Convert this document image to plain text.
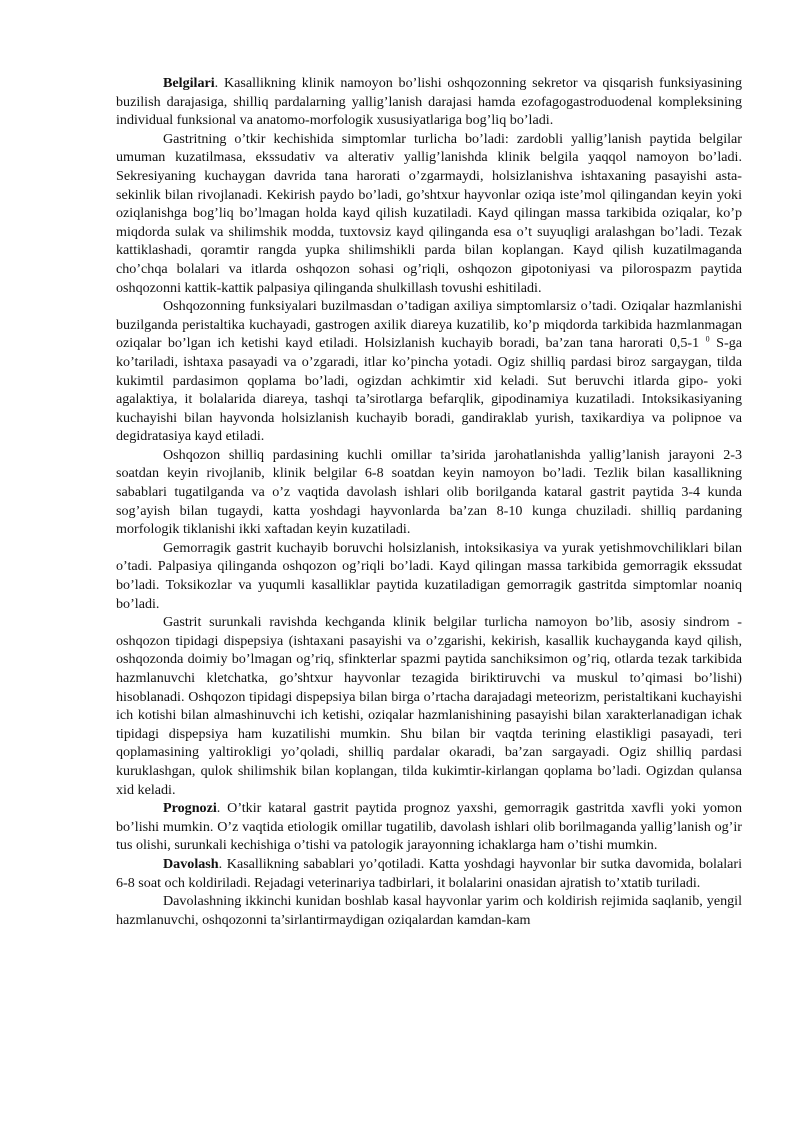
Belgilari. Kasallikning klinik namoyon bo’lishi oshqozonning sekretor va qisqarish funksiyasining buzilish darajasiga, shilliq pardalarning yallig’lanish darajasi hamda ezofagogastroduodenal kompleksining individual funksional va anatomo-morfologik xususiyatlariga bog’liq bo’ladi.

Gastritning o’tkir kechishida simptomlar turlicha bo’ladi: zardobli yallig’lanish paytida belgilar umuman kuzatilmasa, ekssudativ va alterativ yallig’lanishda klinik belgila yaqqol namoyon bo’ladi. Sekresiyaning kuchaygan davrida tana harorati o’zgarmaydi, holsizlanishva ishtaxaning pasayishi asta-sekinlik bilan rivojlanadi. Kekirish paydo bo’ladi, go’shtxur hayvonlar oziqa iste’mol qilingandan keyin yoki oziqlanishga bog’liq bo’lmagan holda kayd qilish kuzatiladi. Kayd qilingan massa tarkibida oziqalar, ko’p miqdorda sulak va shilimshik modda, tuxtovsiz kayd qilinganda esa o’t suyuqligi aralashgan bo’ladi. Tezak kattiklashadi, qoramtir rangda yupka shilimshikli parda bilan koplangan. Kayd qilish kuzatilmaganda cho’chqa bolalari va itlarda oshqozon sohasi og’riqli, oshqozon gipotoniyasi va pilorospazm paytida oshqozonni kattik-kattik palpasiya qilinganda shulkillash tovushi eshitiladi.

Oshqozonning funksiyalari buzilmasdan o’tadigan axiliya simptomlarsiz o’tadi. Oziqalar hazmlanishi buzilganda peristaltika kuchayadi, gastrogen axilik diareya kuzatilib, ko’p miqdorda tarkibida hazmlanmagan oziqalar bo’lgan ich ketishi kayd etiladi. Holsizlanish kuchayib boradi, ba’zan tana harorati 0,5-1 $^0$ S-ga ko’tariladi, ishtaxa pasayadi va o’zgaradi, itlar ko’pincha yotadi. Ogiz shilliq pardasi biroz sargaygan, tilda kukimtil pardasimon qoplama bo’ladi, ogizdan achkimtir xid keladi. Sut beruvchi itlarda gipo- yoki agalaktiya, it bolalarida diareya, tashqi ta’sirotlarga befarqlik, gipodinamiya kuzatiladi. Intoksikasiyaning kuchayishi bilan hayvonda holsizlanish kuchayib boradi, gandiraklab yurish, taxikardiya va polipnoe va degidratasiya kayd etiladi.

Oshqozon shilliq pardasining kuchli omillar ta’sirida jarohatlanishda yallig’lanish jarayoni 2-3 soatdan keyin rivojlanib, klinik belgilar 6-8 soatdan keyin namoyon bo’ladi. Tezlik bilan kasallikning sabablari tugatilganda va o’z vaqtida davolash ishlari olib borilganda kataral gastrit paytida 3-4 kunda sog’ayish bilan tugaydi, katta yoshdagi hayvonlarda ba’zan 8-10 kunga chuziladi. shilliq pardaning morfologik tiklanishi ikki xaftadan keyin kuzatiladi.

Gemorragik gastrit kuchayib boruvchi holsizlanish, intoksikasiya va yurak yetishmovchiliklari bilan o’tadi. Palpasiya qilinganda oshqozon og’riqli bo’ladi. Kayd qilingan massa tarkibida gemorragik ekssudat bo’ladi. Toksikozlar va yuqumli kasalliklar paytida kuzatiladigan gemorragik gastritda simptomlar noaniq bo’ladi.

Gastrit surunkali ravishda kechganda klinik belgilar turlicha namoyon bo’lib, asosiy sindrom - oshqozon tipidagi dispepsiya (ishtaxani pasayishi va o’zgarishi, kekirish, kasallik kuchayganda kayd qilish, oshqozonda doimiy bo’lmagan og’riq, sfinkterlar spazmi paytida sanchiksimon og’riq, otlarda tezak tarkibida hazmlanuvchi kletchatka, go’shtxur hayvonlar tezagida biriktiruvchi va muskul to’qimasi bo’lishi) hisoblanadi. Oshqozon tipidagi dispepsiya bilan birga o’rtacha darajadagi meteorizm, peristaltikani kuchayishi ich kotishi bilan almashinuvchi ich ketishi, oziqalar hazmlanishining pasayishi bilan xarakterlanadigan ichak tipidagi dispepsiya ham kuzatilishi mumkin. Shu bilan bir vaqtda terining elastikligi pasayadi, teri qoplamasining yaltirokligi yo’qoladi, shilliq pardalar okaradi, ba’zan sargayadi. Ogiz shilliq pardasi kuruklashgan, qulok shilimshik bilan koplangan, tilda kukimtir-kirlangan qoplama bo’ladi. Ogizdan qulansa xid keladi.

Prognozi. O’tkir kataral gastrit paytida prognoz yaxshi, gemorragik gastritda xavfli yoki yomon bo’lishi mumkin. O’z vaqtida etiologik omillar tugatilib, davolash ishlari olib borilmaganda yallig’lanish og’ir tus olishi, surunkali kechishiga o’tishi va patologik jarayonning ichaklarga ham o’tishi mumkin.

Davolash. Kasallikning sabablari yo’qotiladi. Katta yoshdagi hayvonlar bir sutka davomida, bolalari 6-8 soat och koldiriladi. Rejadagi veterinariya tadbirlari, it bolalarini onasidan ajratish to’xtatib turiladi.

Davolashning ikkinchi kunidan boshlab kasal hayvonlar yarim och koldirish rejimida saqlanib, yengil hazmlanuvchi, oshqozonni ta’sirlantirmaydigan oziqalardan kamdan-kam
